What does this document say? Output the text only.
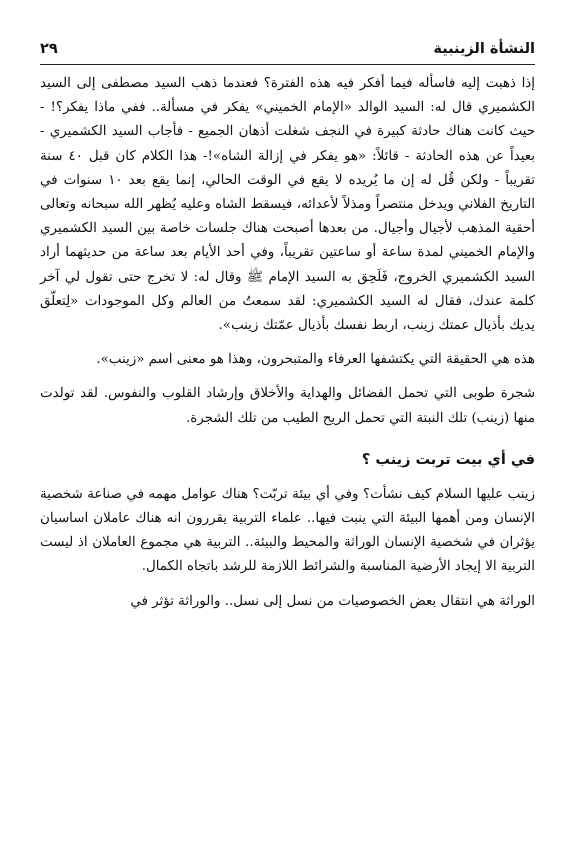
النشأة الزينبية
٢٩

إذا ذهبت إليه فاسأله فيما أفكر فيه هذه الفترة؟ فعندما ذهب السيد مصطفى إلى السيد الكشميري قال له: السيد الوالد «الإمام الخميني» يفكر في مسألة.. ففي ماذا يفكر؟! - حيث كانت هناك حادثة كبيرة في النجف شغلت أذهان الجميع - فأجاب السيد الكشميري - بعيداً عن هذه الحادثة - قائلاً: «هو يفكر في إزالة الشاه»!- هذا الكلام كان قبل ٤٠ سنة تقريباً - ولكن قُل له إن ما يُريده لا يقع في الوقت الحالي، إنما يقع بعد ١٠ سنوات في التاريخ الفلاني ويدخل منتصراً ومذلاً لأعدائه، فيسقط الشاه وعليه يُظهر الله سبحانه وتعالى أحقية المذهب لأجيال وأجيال. من بعدها أصبحت هناك جلسات خاصة بين السيد الكشميري والإمام الخميني لمدة ساعة أو ساعتين تقريباً، وفي أحد الأيام بعد ساعة من حديثهما أراد السيد الكشميري الخروج، فَلَحِق به السيد الإمام ﷺ وقال له: لا تخرج حتى تقول لي آخر كلمة عندك، فقال له السيد الكشميري: لقد سمعتُ من العالم وكل الموجودات «لِتعلّق يديك بأذيال عمتك زينب، اربط نفسك بأذيال عمّتك زينب».

هذه هي الحقيقة التي يكتشفها العرفاء والمتبحرون، وهذا هو معنى اسم «زينب».

شجرة طوبى التي تحمل الفضائل والهداية والأخلاق وإرشاد القلوب والنفوس. لقد تولدت منها (زينب) تلك النبتة التي تحمل الريح الطيب من تلك الشجرة.

في أي بيت تربت زينب ؟

زينب عليها السلام كيف نشأت؟ وفي أي بيئة تربّت؟ هناك عوامل مهمه في صناعة شخصية الإنسان ومن أهمها البيئة التي ينبت فيها.. علماء التربية يقررون انه هناك عاملان اساسيان يؤثران في شخصية الإنسان الوراثة والمحيط والبيئة.. التربية هي مجموع العاملان اذ ليست التربية الا إيجاد الأرضية المناسبة والشرائط اللازمة للرشد باتجاه الكمال.

الوراثة هي انتقال بعض الخصوصيات من نسل إلى نسل.. والوراثة تؤثر في
